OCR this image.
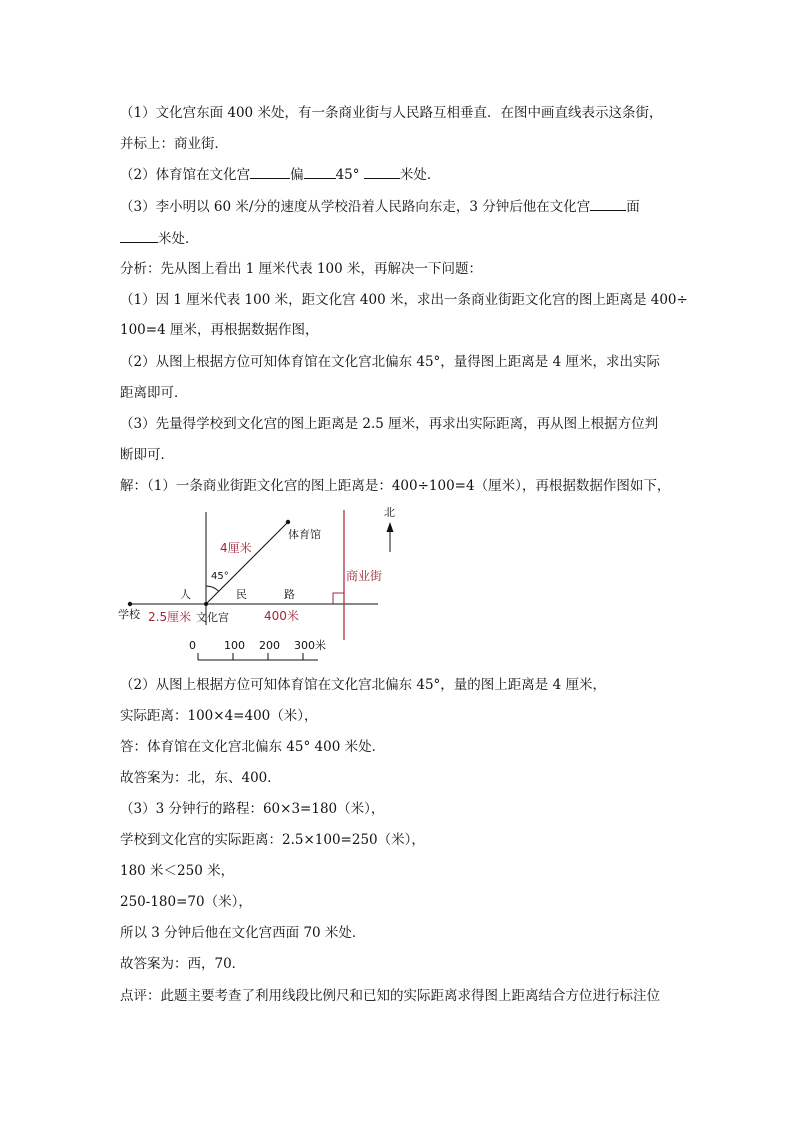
（1）文化宫东面 400 米处，有一条商业街与人民路互相垂直．在图中画直线表示这条街，
并标上：商业街．
（2）体育馆在文化宫	偏 45°	米处．
（3）李小明以 60 米/分的速度从学校沿着人民路向东走，3 分钟后他在文化宫	面
米处．
分析：先从图上看出 1 厘米代表 100 米，再解决一下问题：
（1）因 1 厘米代表 100 米，距文化宫 400 米，求出一条商业街距文化宫的图上距离是 400÷
100=4 厘米，再根据数据作图，
（2）从图上根据方位可知体育馆在文化宫北偏东 45°，量得图上距离是 4 厘米，求出实际
距离即可．
（3）先量得学校到文化宫的图上距离是 2.5 厘米，再求出实际距离，再从图上根据方位判
断即可．
解：（1）一条商业街距文化宫的图上距离是：400÷100=4（厘米），再根据数据作图如下，
体育馆
4厘米
45°	商业街
北
人	民	路
学校 2.5厘米 文化宫	400米
0	100 200 300米
（2）从图上根据方位可知体育馆在文化宫北偏东 45°，量的图上距离是 4 厘米，
实际距离：100×4=400（米），
答：体育馆在文化宫北偏东 45° 400 米处．
故答案为：北，东、400．
（3）3 分钟行的路程：60×3=180（米），
学校到文化宫的实际距离：2.5×100=250（米），
180 米＜250 米，
250-180=70（米），
所以 3 分钟后他在文化宫西面 70 米处．
故答案为：西，70．
点评：此题主要考查了利用线段比例尺和已知的实际距离求得图上距离结合方位进行标注位
